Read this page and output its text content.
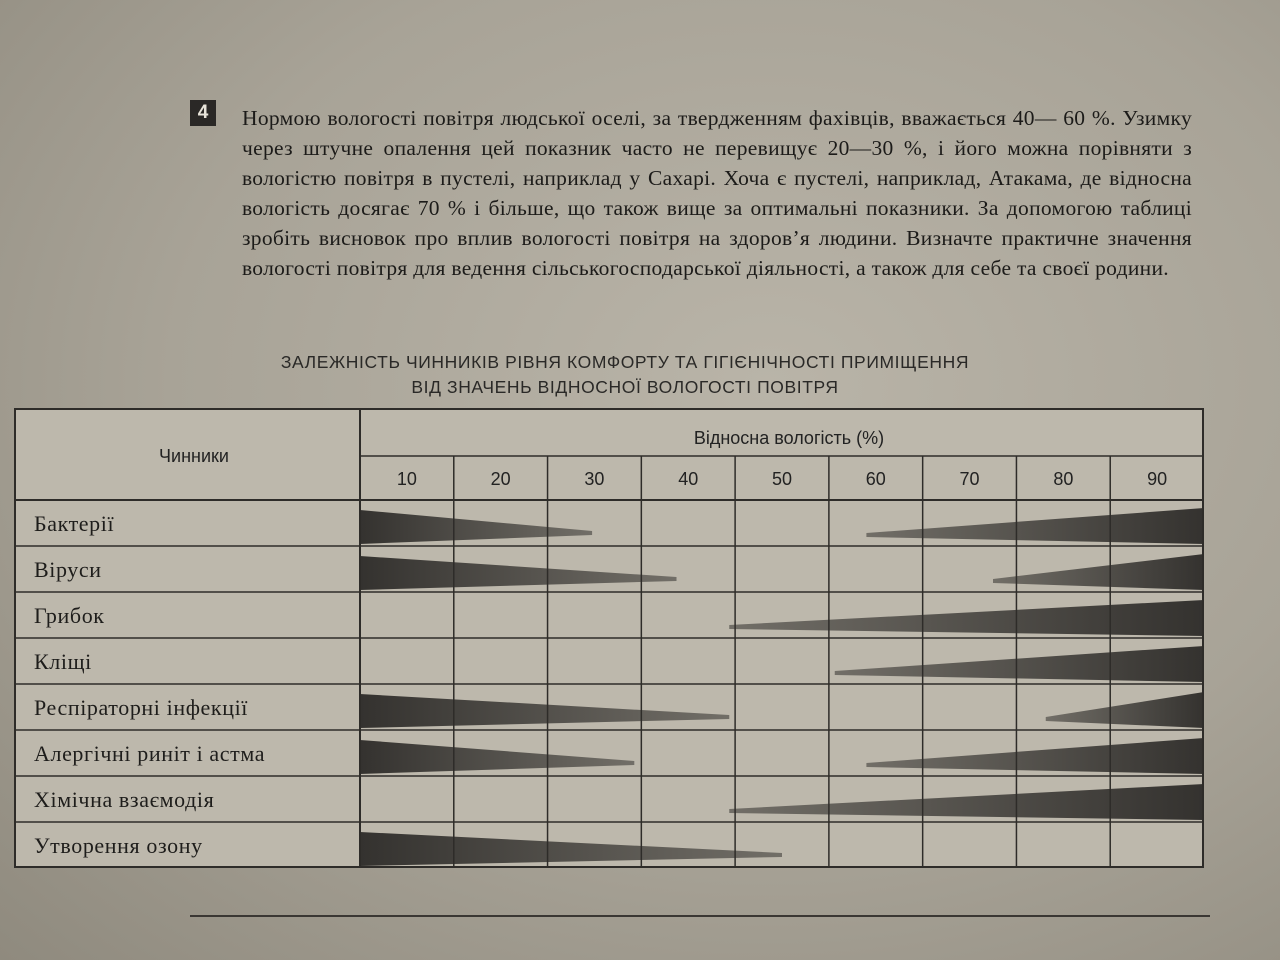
4	Нормою вологості повітря людської оселі, за твердженням фахівців, вважається 40— 60 %. Узимку через штучне опалення цей показник часто не перевищує 20—30 %, і його можна порівняти з вологістю повітря в пустелі, наприклад у Сахарі. Хоча є пустелі, наприклад, Атакама, де відносна вологість досягає 70 % і більше, що також вище за оптимальні показники. За допомогою таблиці зробіть висновок про вплив вологості повітря на здоров’я людини. Визначте практичне значення вологості повітря для ведення сільськогосподарської діяльності, а також для себе та своєї родини.
ЗАЛЕЖНІСТЬ ЧИННИКІВ РІВНЯ КОМФОРТУ ТА ГІГІЄНІЧНОСТІ ПРИМІЩЕННЯ
ВІД ЗНАЧЕНЬ ВІДНОСНОЇ ВОЛОГОСТІ ПОВІТРЯ
Чинники
Відносна вологість (%)
10	20	30	40	50	60	70	80	90
Бактерії
Віруси
Грибок
Кліщі
Респіраторні інфекції
Алергічні риніт і астма
Хімічна взаємодія
Утворення озону
